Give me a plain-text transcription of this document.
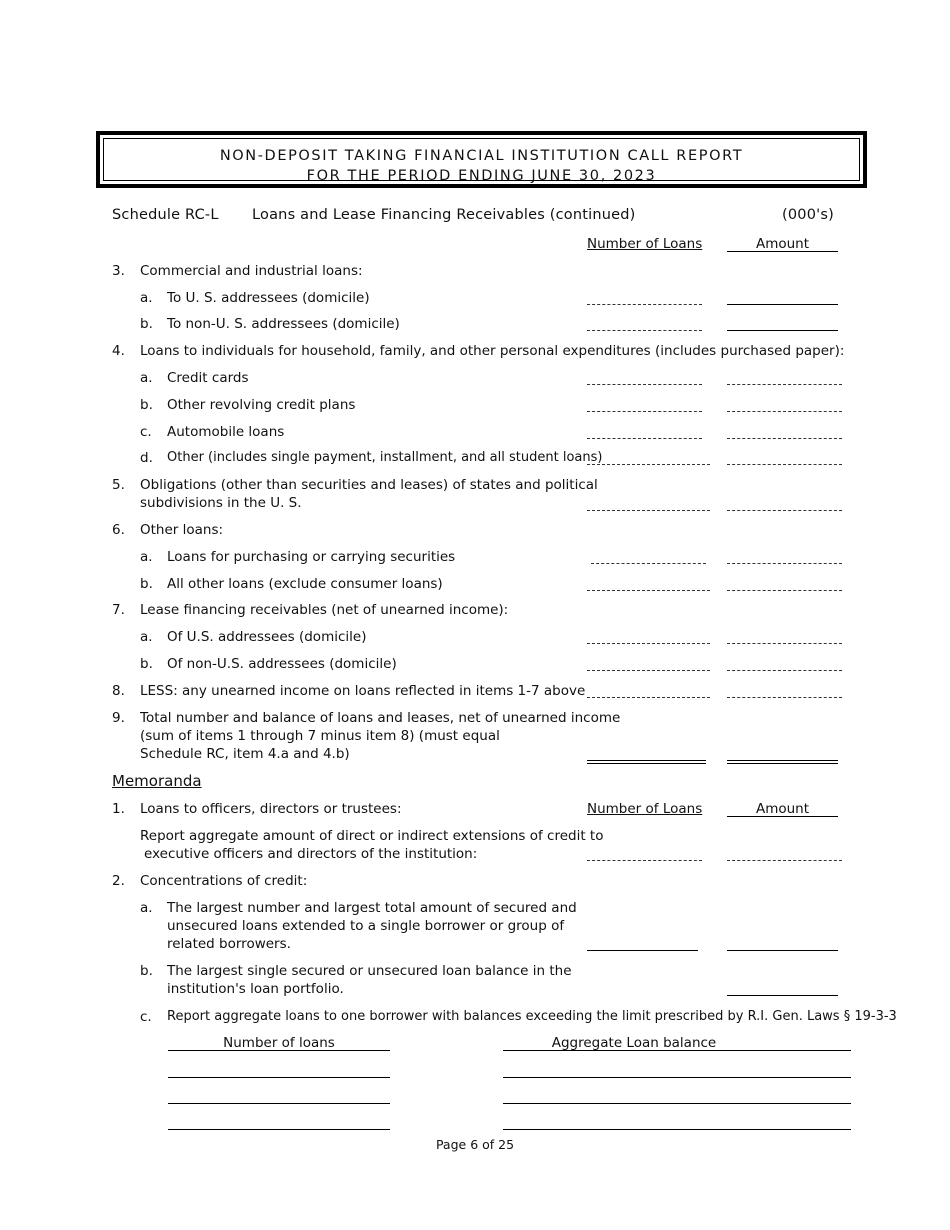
NON-DEPOSIT TAKING FINANCIAL INSTITUTION CALL REPORT
FOR THE PERIOD ENDING JUNE 30, 2023
Schedule RC-L Loans and Lease Financing Receivables (continued)	(000's)
Number of Loans	Amount
3. Commercial and industrial loans:
a. To U. S. addressees (domicile)
b. To non-U. S. addressees (domicile)
4. Loans to individuals for household, family, and other personal expenditures (includes purchased paper):
a. Credit cards
b. Other revolving credit plans
c. Automobile loans
d. Other (includes single payment, installment, and all student loans)
5. Obligations (other than securities and leases) of states and political
subdivisions in the U. S.
6. Other loans:
a. Loans for purchasing or carrying securities
b. All other loans (exclude consumer loans)
7. Lease financing receivables (net of unearned income):
a. Of U.S. addressees (domicile)
b. Of non-U.S. addressees (domicile)
8. LESS: any unearned income on loans reflected in items 1-7 above
9. Total number and balance of loans and leases, net of unearned income
(sum of items 1 through 7 minus item 8) (must equal
Schedule RC, item 4.a and 4.b)
Memoranda
1. Loans to officers, directors or trustees:	Number of Loans	Amount
Report aggregate amount of direct or indirect extensions of credit to
executive officers and directors of the institution:
2. Concentrations of credit:
a. The largest number and largest total amount of secured and
unsecured loans extended to a single borrower or group of
related borrowers.
b. The largest single secured or unsecured loan balance in the
institution's loan portfolio.
c. Report aggregate loans to one borrower with balances exceeding the limit prescribed by R.I. Gen. Laws § 19-3-3
Number of loans	Aggregate Loan balance
Page 6 of 25
